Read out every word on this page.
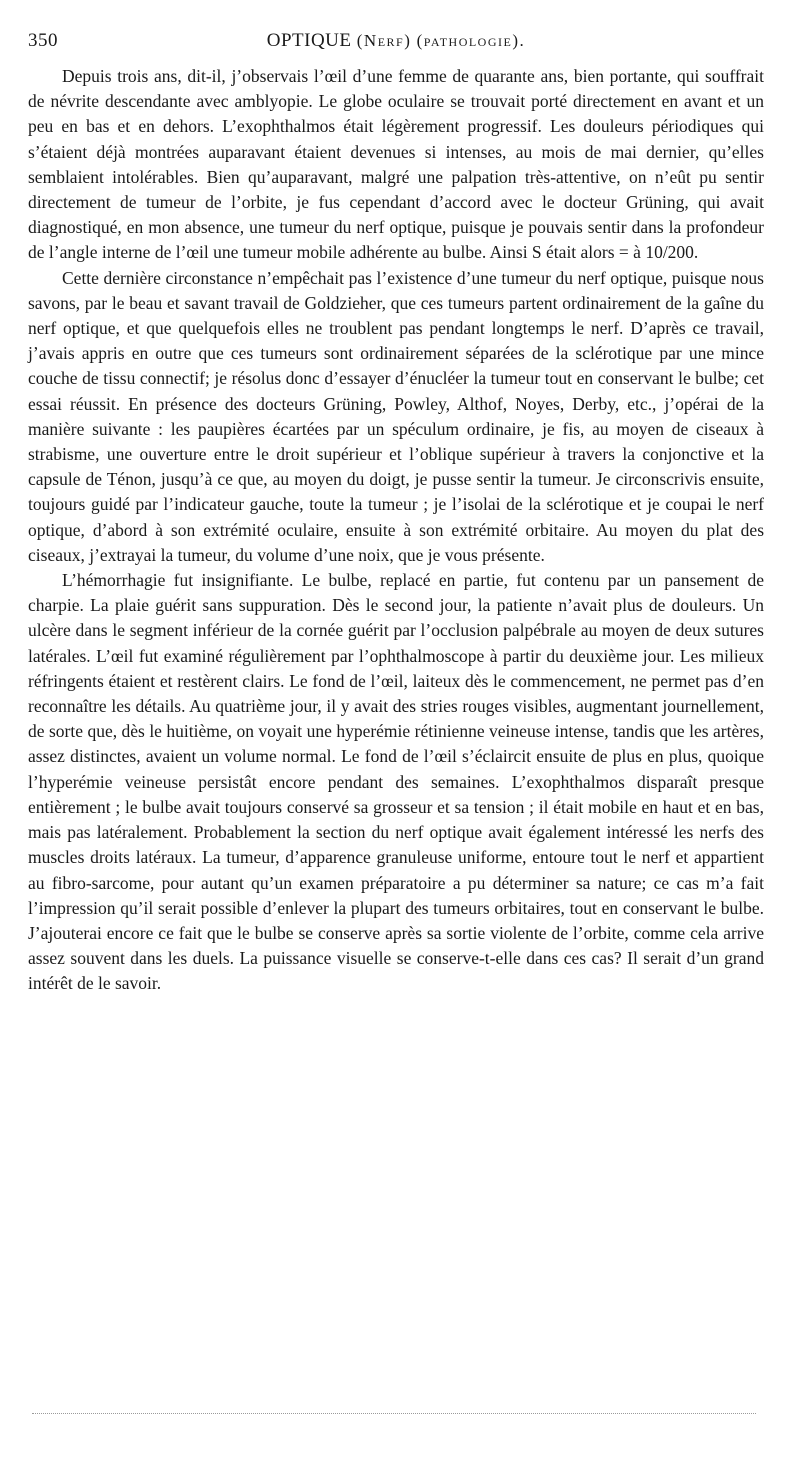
350	OPTIQUE (Nerf) (pathologie).

Depuis trois ans, dit-il, j’observais l’œil d’une femme de quarante ans, bien portante, qui souffrait de névrite descendante avec amblyopie. Le globe oculaire se trouvait porté directement en avant et un peu en bas et en dehors. L’exophthalmos était légèrement progressif. Les douleurs périodiques qui s’étaient déjà montrées auparavant étaient devenues si intenses, au mois de mai dernier, qu’elles semblaient intolérables. Bien qu’auparavant, malgré une palpation très-attentive, on n’eût pu sentir directement de tumeur de l’orbite, je fus cependant d’accord avec le docteur Grüning, qui avait diagnostiqué, en mon absence, une tumeur du nerf optique, puisque je pouvais sentir dans la profondeur de l’angle interne de l’œil une tumeur mobile adhérente au bulbe. Ainsi S était alors = à 10/200.

Cette dernière circonstance n’empêchait pas l’existence d’une tumeur du nerf optique, puisque nous savons, par le beau et savant travail de Goldzieher, que ces tumeurs partent ordinairement de la gaîne du nerf optique, et que quelquefois elles ne troublent pas pendant longtemps le nerf. D’après ce travail, j’avais appris en outre que ces tumeurs sont ordinairement séparées de la sclérotique par une mince couche de tissu connectif; je résolus donc d’essayer d’énucléer la tumeur tout en conservant le bulbe; cet essai réussit. En présence des docteurs Grüning, Powley, Althof, Noyes, Derby, etc., j’opérai de la manière suivante : les paupières écartées par un spéculum ordinaire, je fis, au moyen de ciseaux à strabisme, une ouverture entre le droit supérieur et l’oblique supérieur à travers la conjonctive et la capsule de Ténon, jusqu’à ce que, au moyen du doigt, je pusse sentir la tumeur. Je circonscrivis ensuite, toujours guidé par l’indicateur gauche, toute la tumeur ; je l’isolai de la sclérotique et je coupai le nerf optique, d’abord à son extrémité oculaire, ensuite à son extrémité orbitaire. Au moyen du plat des ciseaux, j’extrayai la tumeur, du volume d’une noix, que je vous présente.

L’hémorrhagie fut insignifiante. Le bulbe, replacé en partie, fut contenu par un pansement de charpie. La plaie guérit sans suppuration. Dès le second jour, la patiente n’avait plus de douleurs. Un ulcère dans le segment inférieur de la cornée guérit par l’occlusion palpébrale au moyen de deux sutures latérales. L’œil fut examiné régulièrement par l’ophthalmoscope à partir du deuxième jour. Les milieux réfringents étaient et restèrent clairs. Le fond de l’œil, laiteux dès le commencement, ne permet pas d’en reconnaître les détails. Au quatrième jour, il y avait des stries rouges visibles, augmentant journellement, de sorte que, dès le huitième, on voyait une hyperémie rétinienne veineuse intense, tandis que les artères, assez distinctes, avaient un volume normal. Le fond de l’œil s’éclaircit ensuite de plus en plus, quoique l’hyperémie veineuse persistât encore pendant des semaines. L’exophthalmos disparaît presque entièrement ; le bulbe avait toujours conservé sa grosseur et sa tension ; il était mobile en haut et en bas, mais pas latéralement. Probablement la section du nerf optique avait également intéressé les nerfs des muscles droits latéraux. La tumeur, d’apparence granuleuse uniforme, entoure tout le nerf et appartient au fibro-sarcome, pour autant qu’un examen préparatoire a pu déterminer sa nature; ce cas m’a fait l’impression qu’il serait possible d’enlever la plupart des tumeurs orbitaires, tout en conservant le bulbe. J’ajouterai encore ce fait que le bulbe se conserve après sa sortie violente de l’orbite, comme cela arrive assez souvent dans les duels. La puissance visuelle se conserve-t-elle dans ces cas? Il serait d’un grand intérêt de le savoir.
